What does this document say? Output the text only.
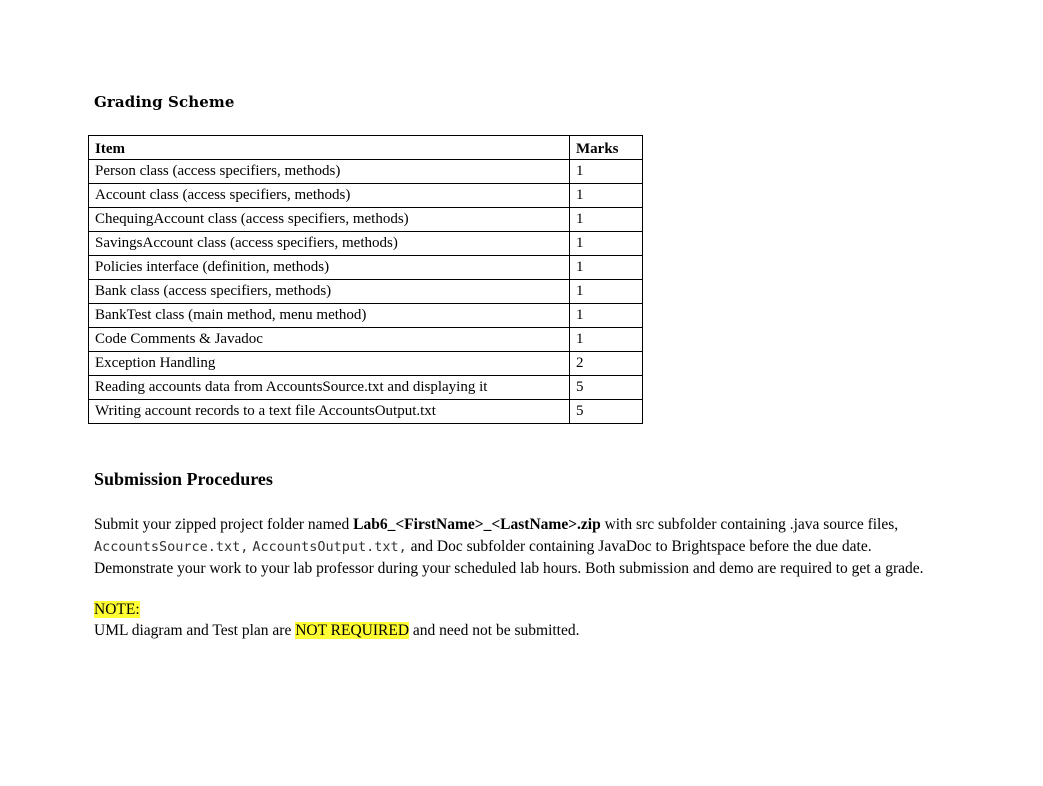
Grading Scheme
Item	Marks
Person class (access specifiers, methods)	1
Account class (access specifiers, methods)	1
ChequingAccount class (access specifiers, methods)	1
SavingsAccount class (access specifiers, methods)	1
Policies interface (definition, methods)	1
Bank class (access specifiers, methods)	1
BankTest class (main method, menu method)	1
Code Comments & Javadoc	1
Exception Handling	2
Reading accounts data from AccountsSource.txt and displaying it	5
Writing account records to a text file AccountsOutput.txt	5
Submission Procedures

Submit your zipped project folder named Lab6_<FirstName>_<LastName>.zip with src subfolder containing .java source files,
AccountsSource.txt, AccountsOutput.txt, and Doc subfolder containing JavaDoc to Brightspace before the due date.
Demonstrate your work to your lab professor during your scheduled lab hours. Both submission and demo are required to get a grade.

NOTE:

UML diagram and Test plan are NOT REQUIRED and need not be submitted.
